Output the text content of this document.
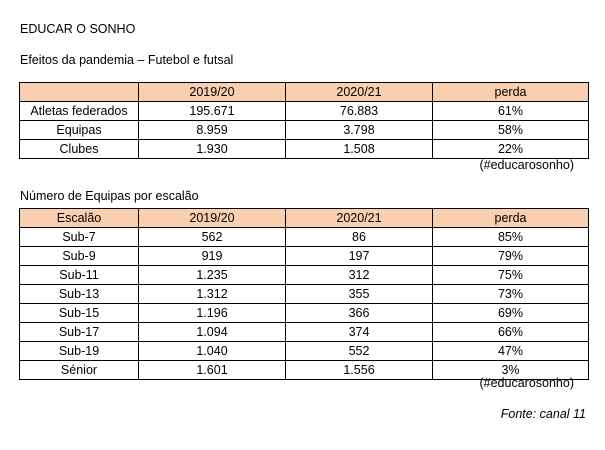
EDUCAR O SONHO
Efeitos da pandemia – Futebol e futsal
	2019/20	2020/21	perda
Atletas federados	195.671	76.883	61%
Equipas	8.959	3.798	58%
Clubes	1.930	1.508	22%
(#educarosonho)
Número de Equipas por escalão
Escalão	2019/20	2020/21	perda
Sub-7	562	86	85%
Sub-9	919	197	79%
Sub-11	1.235	312	75%
Sub-13	1.312	355	73%
Sub-15	1.196	366	69%
Sub-17	1.094	374	66%
Sub-19	1.040	552	47%
Sénior	1.601	1.556	3%
(#educarosonho)
Fonte: canal 11
